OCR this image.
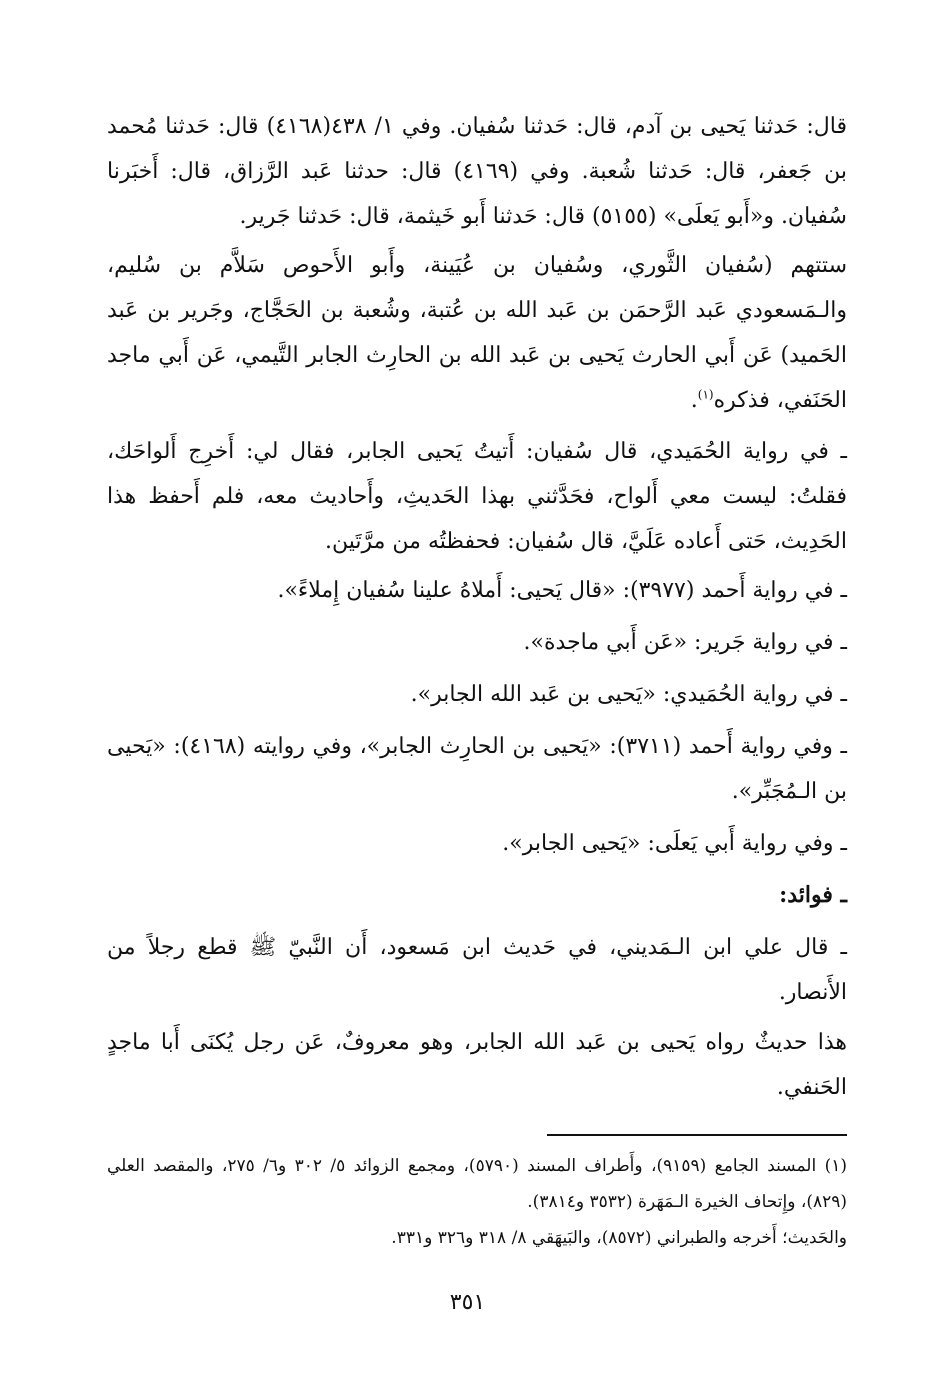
قال: حَدثنا يَحيى بن آدم، قال: حَدثنا سُفيان. وفي ١/ ٤٣٨(٤١٦٨) قال: حَدثنا مُحمد بن جَعفر، قال: حَدثنا شُعبة. وفي (٤١٦٩) قال: حدثنا عَبد الرَّزاق، قال: أَخبَرنا سُفيان. و«أَبو يَعلَى» (٥١٥٥) قال: حَدثنا أَبو خَيثمة، قال: حَدثنا جَرير.

ستتهم (سُفيان الثَّوري، وسُفيان بن عُيَينة، وأَبو الأَحوص سَلاَّم بن سُليم، والـمَسعودي عَبد الرَّحمَن بن عَبد الله بن عُتبة، وشُعبة بن الحَجَّاج، وجَرير بن عَبد الحَميد) عَن أَبي الحارث يَحيى بن عَبد الله بن الحارِث الجابر التَّيمي، عَن أَبي ماجد الحَنَفي، فذكره$^{(١)}$.

ـ في رواية الحُمَيدي، قال سُفيان: أَتيتُ يَحيى الجابر، فقال لي: أَخرِج أَلواحَك، فقلتُ: ليست معي أَلواح، فحَدَّثني بهذا الحَديثِ، وأَحاديث معه، فلم أَحفظ هذا الحَدِيث، حَتى أَعاده عَلَيَّ، قال سُفيان: فحفظتُه من مرَّتَين.

ـ في رواية أَحمد (٣٩٧٧): «قال يَحيى: أَملاهُ علينا سُفيان إِملاءً».

ـ في رواية جَرير: «عَن أَبي ماجدة».

ـ في رواية الحُمَيدي: «يَحيى بن عَبد الله الجابر».

ـ وفي رواية أَحمد (٣٧١١): «يَحيى بن الحارِث الجابر»، وفي روايته (٤١٦٨): «يَحيى بن الـمُجَبِّر».

ـ وفي رواية أَبي يَعلَى: «يَحيى الجابر».

ـ فوائد:

ـ قال علي ابن الـمَديني، في حَديث ابن مَسعود، أَن النَّبيّ ﷺ قطع رجلاً من الأَنصار.

هذا حديثٌ رواه يَحيى بن عَبد الله الجابر، وهو معروفٌ، عَن رجل يُكنَى أَبا ماجدٍ الحَنفي.

(١) المسند الجامع (٩١٥٩)، وأَطراف المسند (٥٧٩٠)، ومجمع الزوائد ٥/ ٣٠٢ و٦/ ٢٧٥، والمقصد العلي (٨٢٩)، وإِتحاف الخيرة الـمَهَرة (٣٥٣٢ و٣٨١٤).

والحَديث؛ أَخرجه والطبراني (٨٥٧٢)، والبَيهَقي ٨/ ٣١٨ و٣٢٦ و٣٣١.

٣٥١
